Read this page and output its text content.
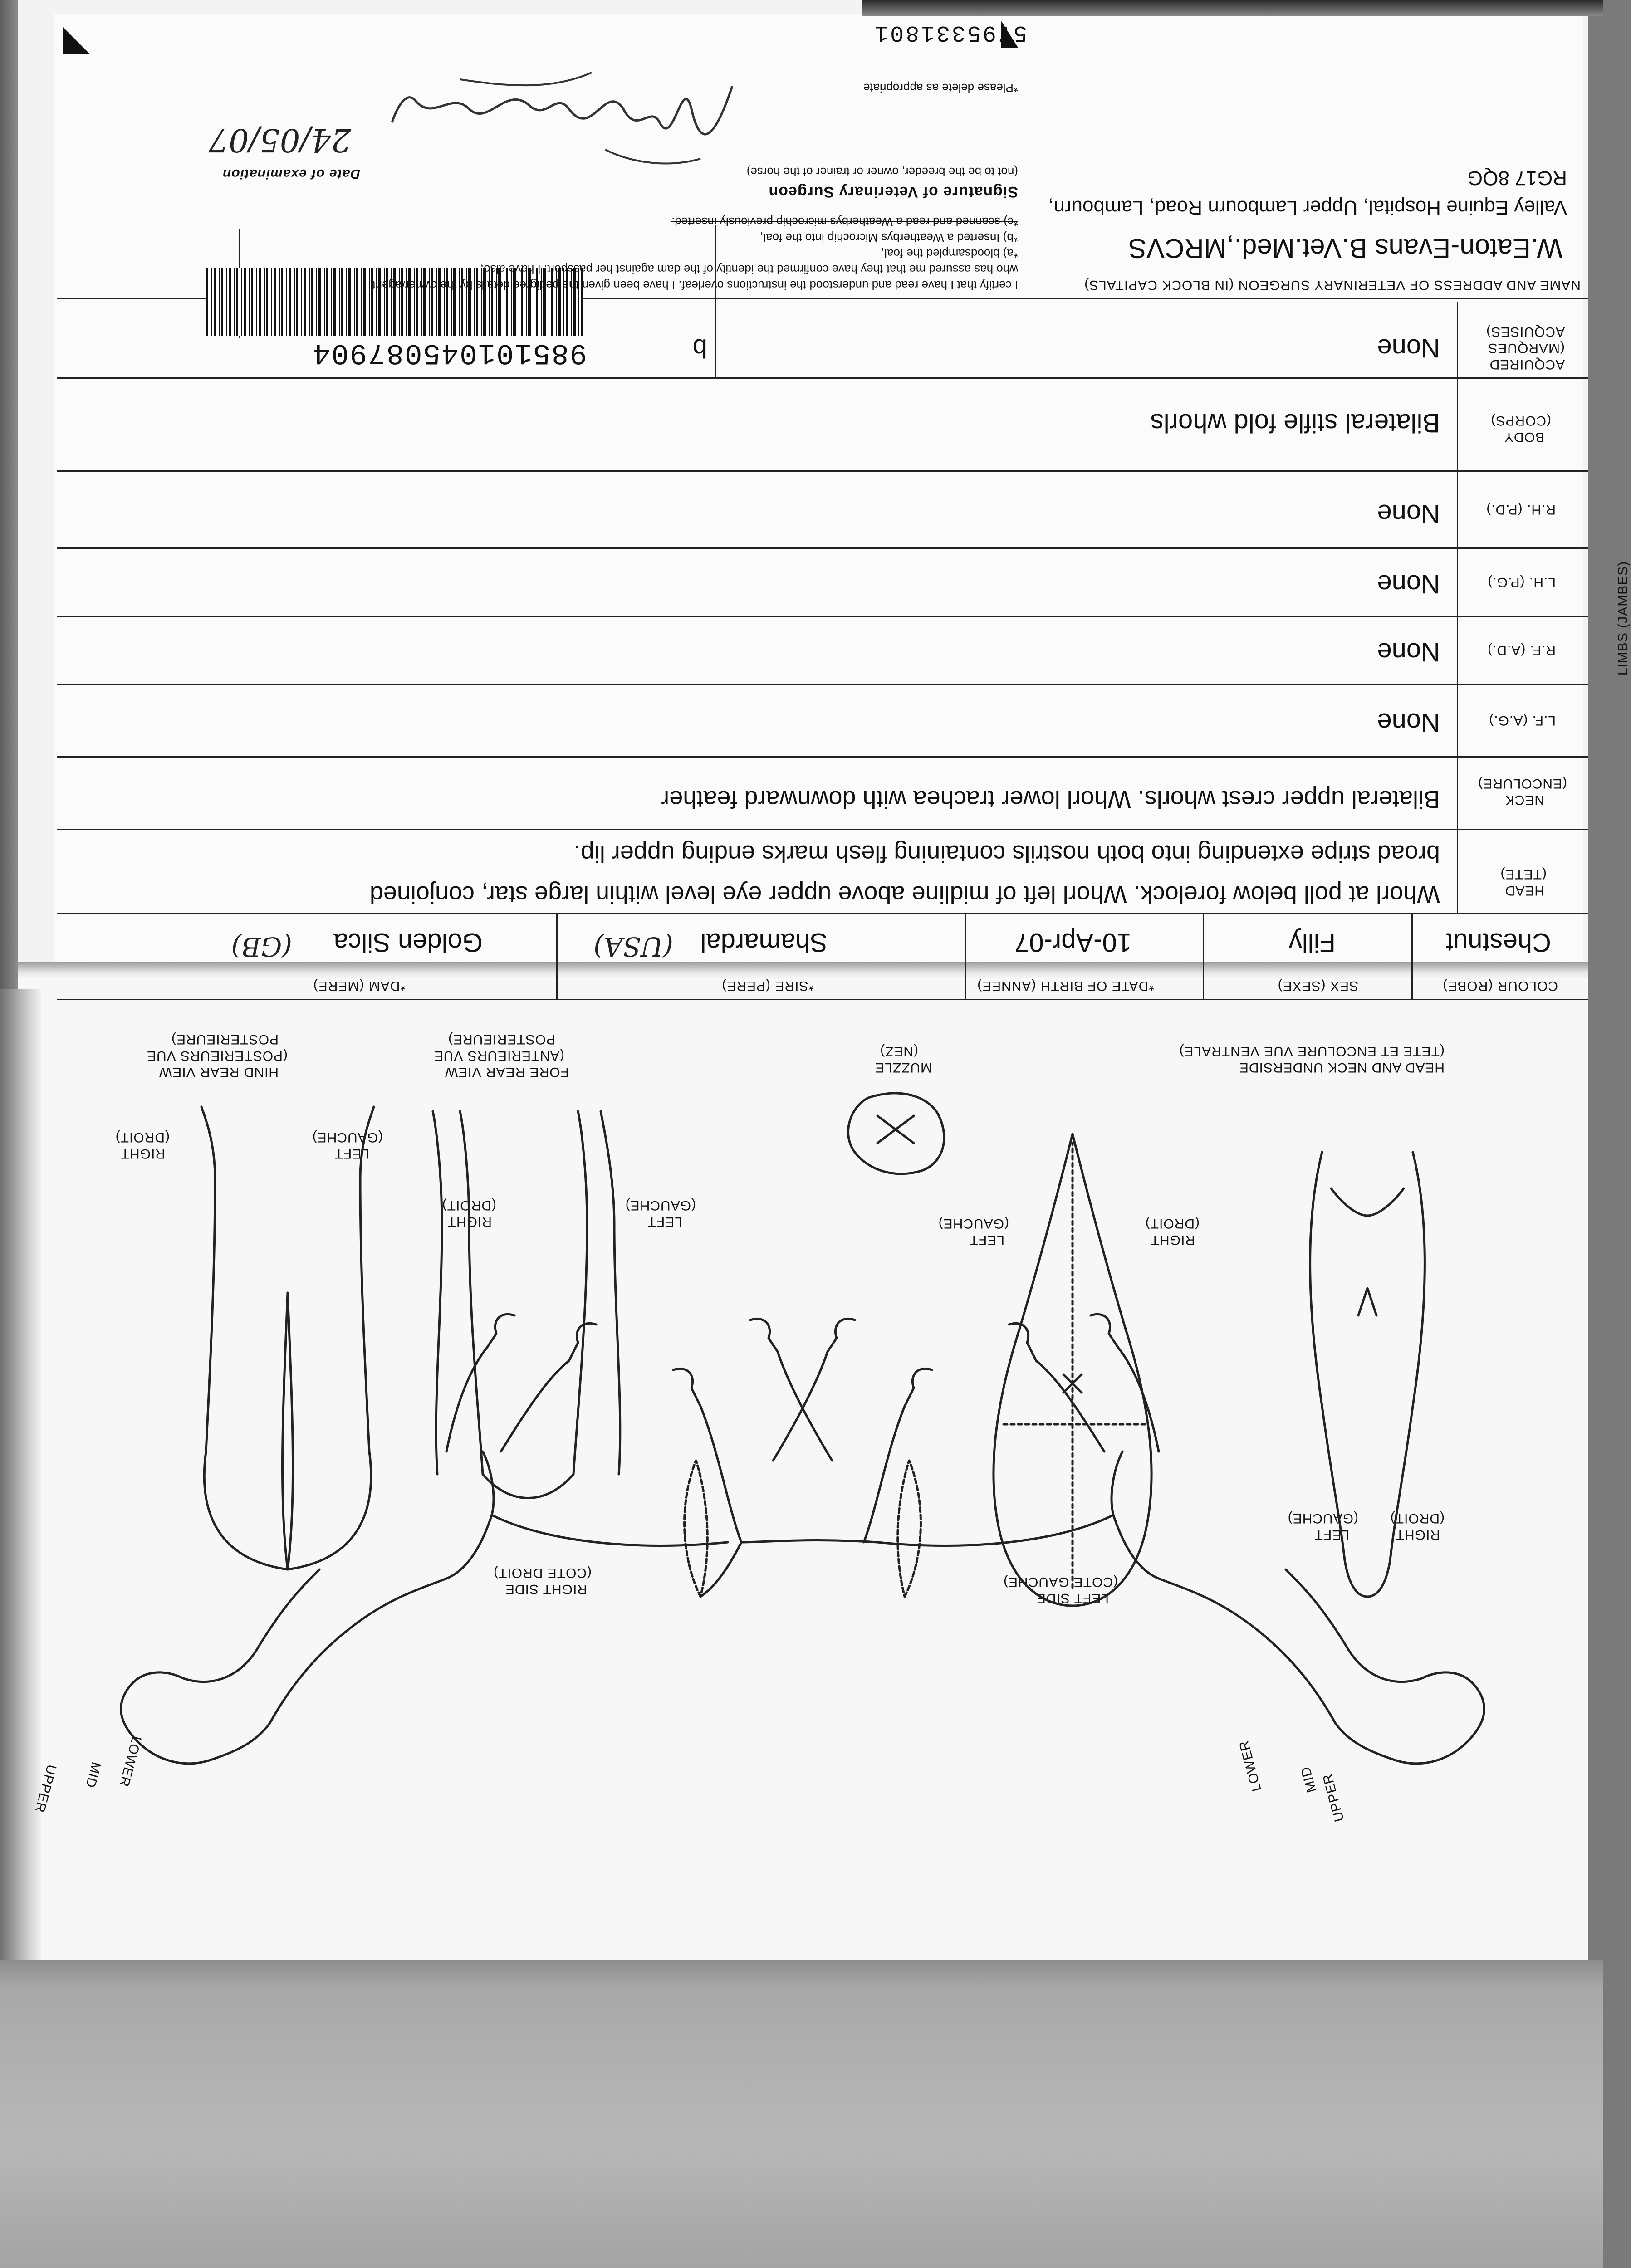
COLOUR (ROBE)
Chestnut
SEX (SEXE)
Filly
*DATE OF BIRTH (ANNEE)
10-Apr-07
*SIRE (PERE)
Shamardal
(USA)
*DAM (MERE)
Golden Silca
(GB)
HEAD
(TETE)
Whorl at poll below forelock. Whorl left of midline above upper eye level within large star, conjoined
broad stripe extending into both nostrils containing flesh marks ending upper lip.
NECK
(ENCOLURE)
Bilateral upper crest whorls. Whorl lower trachea with downward feather
L.F. (A.G.)
None
R.F. (A.D.)
None
L.H. (P.G.)
None
R.H. (P.D.)
None
LIMBS (JAMBES)
BODY
(CORPS)
Bilateral stifle fold whorls
ACQUIRED
(MARQUES
ACQUISES)
None
b
985101045087904
NAME AND ADDRESS OF VETERINARY SURGEON (IN BLOCK CAPITALS)
W.Eaton-Evans B.Vet.Med.,MRCVS
Valley Equine Hospital, Upper Lambourn Road, Lambourn,
RG17 8QG
I certify that I have read and understood the instructions overleaf. I have been given the pedigree details by the owner/agent
who has assured me that they have confirmed the identity of the dam against her passport. I have also,
*a) bloodsampled the foal,
*b) Inserted a Weatherbys Microchip into the foal,
*c) scanned and read a Weatherbys microchip previously inserted.
Signature of Veterinary Surgeon
(not to be the breeder, owner or trainer of the horse)
*Please delete as appropriate
Date of examination
24/05/07
5795331801
HEAD AND NECK UNDERSIDE
(TETE ET ENCOLURE VUE VENTRALE)
MUZZLE
(NEZ)
FORE REAR VIEW
(ANTERIEURS VUE
POSTERIEURE)
HIND REAR VIEW
(POSTERIEURS VUE
POSTERIEURE)
RIGHT
(DROIT)
LEFT
(GAUCHE)
RIGHT
(DROIT)
LEFT
(GAUCHE)
RIGHT
(DROIT)
LEFT
(GAUCHE)
RIGHT
(DROIT)
LEFT
(GAUCHE)
LEFT SIDE
(COTE GAUCHE)
RIGHT SIDE
(COTE DROIT)
UPPER
MID
LOWER
UPPER MID LOWER
